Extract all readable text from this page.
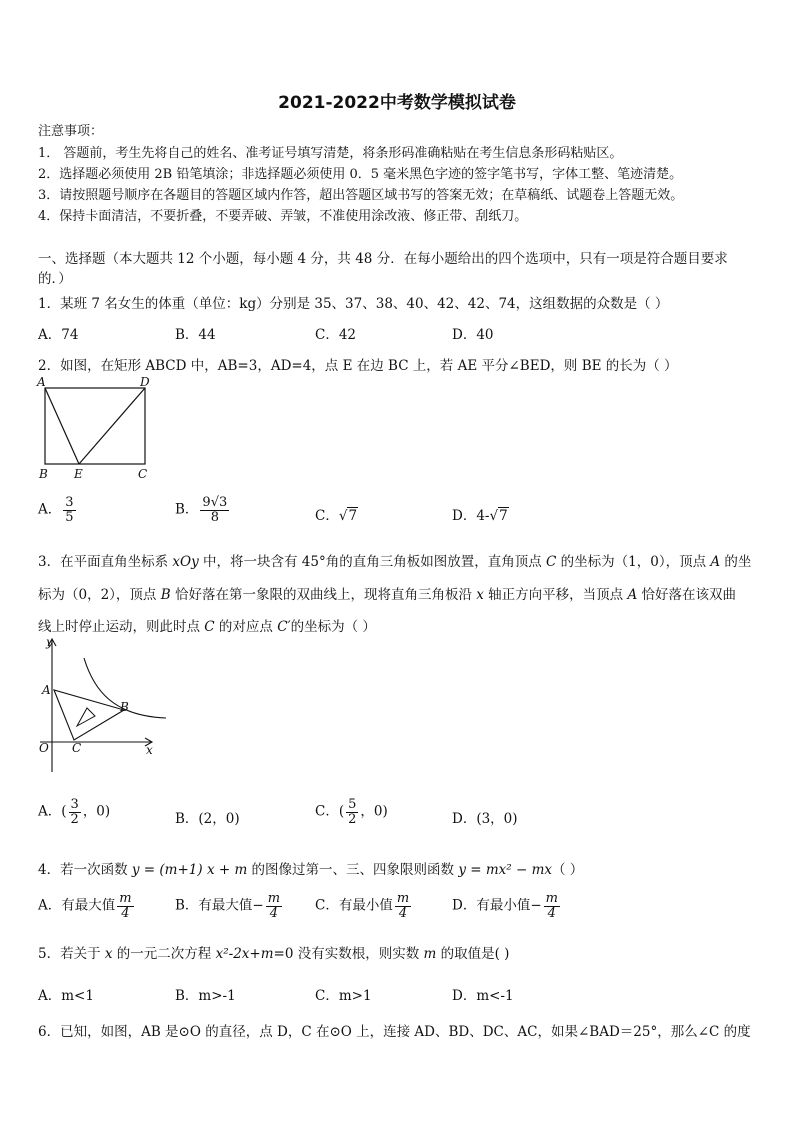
2021-2022中考数学模拟试卷
注意事项：
1． 答题前，考生先将自己的姓名、准考证号填写清楚，将条形码准确粘贴在考生信息条形码粘贴区。
2．选择题必须使用 2B 铅笔填涂；非选择题必须使用 0．5 毫米黑色字迹的签字笔书写，字体工整、笔迹清楚。
3．请按照题号顺序在各题目的答题区域内作答，超出答题区域书写的答案无效；在草稿纸、试题卷上答题无效。
4．保持卡面清洁，不要折叠，不要弄破、弄皱，不准使用涂改液、修正带、刮纸刀。
一、选择题（本大题共 12 个小题，每小题 4 分，共 48 分．在每小题给出的四个选项中，只有一项是符合题目要求
的．）
1．某班 7 名女生的体重（单位：kg）分别是 35、37、38、40、42、42、74，这组数据的众数是（ ）
A．74	B．44	C．42	D．40
2．如图，在矩形 ABCD 中，AB=3，AD=4，点 E 在边 BC 上，若 AE 平分∠BED，则 BE 的长为（ ）
A	D
B E	C
A． $\frac{3}{5}$	B． $\frac{9√3}{8}$	C．√7	D．4-√7
3．在平面直角坐标系 xOy 中，将一块含有 45°角的直角三角板如图放置，直角顶点 C 的坐标为（1，0），顶点 A 的坐
标为（0，2），顶点 B 恰好落在第一象限的双曲线上，现将直角三角板沿 x 轴正方向平移，当顶点 A 恰好落在该双曲
线上时停止运动，则此时点 C 的对应点 C′的坐标为（ ）
y
x
O
A
B
C
A．( $\frac{3}{2}$ ，0)	B．(2，0)	C．( $\frac{5}{2}$ ，0)	D．(3，0)
4．若一次函数 y = (m+1) x + m 的图像过第一、三、四象限则函数 y = mx² − mx（ ）
A．有最大值 $\frac{m}{4}$	B．有最大值− $\frac{m}{4}$ C．有最小值 $\frac{m}{4}$	D．有最小值− $\frac{m}{4}$
5．若关于 x 的一元二次方程 x²-2x+m=0 没有实数根，则实数 m 的取值是( )
A．m<1	B．m>-1	C．m>1	D．m<-1
6．已知，如图，AB 是⊙O 的直径，点 D，C 在⊙O 上，连接 AD、BD、DC、AC，如果∠BAD＝25°，那么∠C 的度
